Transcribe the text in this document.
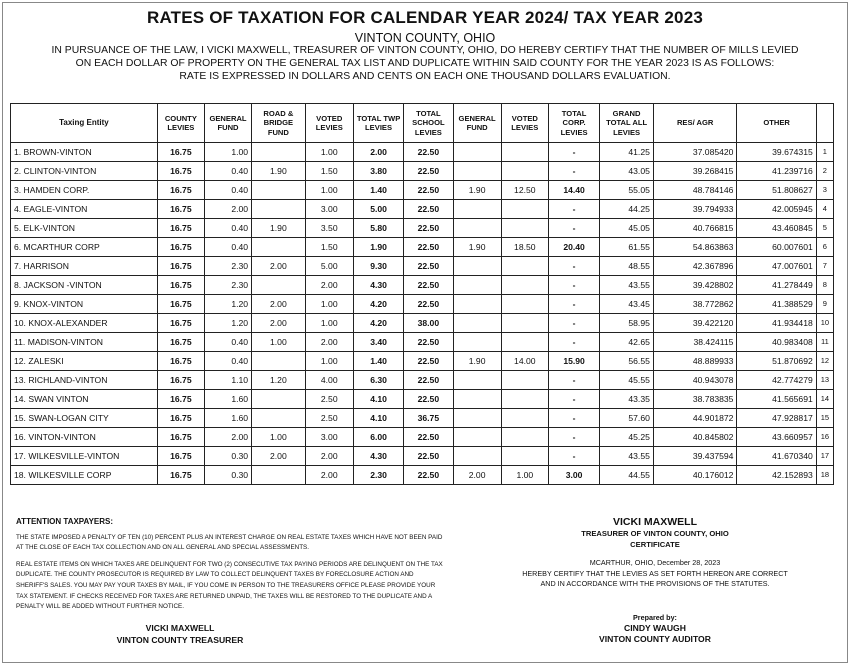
RATES OF TAXATION FOR CALENDAR YEAR 2024/ TAX YEAR 2023
VINTON COUNTY, OHIO
IN PURSUANCE OF THE LAW, I VICKI MAXWELL, TREASURER OF VINTON COUNTY, OHIO, DO HEREBY CERTIFY THAT THE NUMBER OF MILLS LEVIED
ON EACH DOLLAR OF PROPERTY ON THE GENERAL TAX LIST AND DUPLICATE WITHIN SAID COUNTY FOR THE YEAR 2023 IS AS FOLLOWS:
RATE IS EXPRESSED IN DOLLARS AND CENTS ON EACH ONE THOUSAND DOLLARS EVALUATION.
Taxing Entity	COUNTY LEVIES	GENERAL FUND	ROAD & BRIDGE FUND	VOTED LEVIES	TOTAL TWP LEVIES	TOTAL SCHOOL LEVIES	GENERAL FUND	VOTED LEVIES	TOTAL CORP. LEVIES	GRAND TOTAL ALL LEVIES	RES/ AGR	OTHER	
1. BROWN-VINTON	16.75	1.00		1.00	2.00	22.50			-	41.25	37.085420	39.674315	1
2. CLINTON-VINTON	16.75	0.40	1.90	1.50	3.80	22.50			-	43.05	39.268415	41.239716	2
3. HAMDEN CORP.	16.75	0.40		1.00	1.40	22.50	1.90	12.50	14.40	55.05	48.784146	51.808627	3
4. EAGLE-VINTON	16.75	2.00		3.00	5.00	22.50			-	44.25	39.794933	42.005945	4
5. ELK-VINTON	16.75	0.40	1.90	3.50	5.80	22.50			-	45.05	40.766815	43.460845	5
6. MCARTHUR CORP	16.75	0.40		1.50	1.90	22.50	1.90	18.50	20.40	61.55	54.863863	60.007601	6
7. HARRISON	16.75	2.30	2.00	5.00	9.30	22.50			-	48.55	42.367896	47.007601	7
8. JACKSON -VINTON	16.75	2.30		2.00	4.30	22.50			-	43.55	39.428802	41.278449	8
9. KNOX-VINTON	16.75	1.20	2.00	1.00	4.20	22.50			-	43.45	38.772862	41.388529	9
10. KNOX-ALEXANDER	16.75	1.20	2.00	1.00	4.20	38.00			-	58.95	39.422120	41.934418	10
11. MADISON-VINTON	16.75	0.40	1.00	2.00	3.40	22.50			-	42.65	38.424115	40.983408	11
12. ZALESKI	16.75	0.40		1.00	1.40	22.50	1.90	14.00	15.90	56.55	48.889933	51.870692	12
13. RICHLAND-VINTON	16.75	1.10	1.20	4.00	6.30	22.50			-	45.55	40.943078	42.774279	13
14. SWAN VINTON	16.75	1.60		2.50	4.10	22.50			-	43.35	38.783835	41.565691	14
15. SWAN-LOGAN CITY	16.75	1.60		2.50	4.10	36.75			-	57.60	44.901872	47.928817	15
16. VINTON-VINTON	16.75	2.00	1.00	3.00	6.00	22.50			-	45.25	40.845802	43.660957	16
17. WILKESVILLE-VINTON	16.75	0.30	2.00	2.00	4.30	22.50			-	43.55	39.437594	41.670340	17
18. WILKESVILLE CORP	16.75	0.30		2.00	2.30	22.50	2.00	1.00	3.00	44.55	40.176012	42.152893	18
ATTENTION TAXPAYERS:
THE STATE IMPOSED A PENALTY OF TEN (10) PERCENT PLUS AN INTEREST CHARGE ON REAL ESTATE TAXES WHICH HAVE NOT BEEN PAID AT THE CLOSE OF EACH TAX COLLECTION AND ON ALL GENERAL AND SPECIAL ASSESSMENTS.
REAL ESTATE ITEMS ON WHICH TAXES ARE DELINQUENT FOR TWO (2) CONSECUTIVE TAX PAYING PERIODS ARE DELINQUENT ON THE TAX DUPLICATE. THE COUNTY PROSECUTOR IS REQUIRED BY LAW TO COLLECT DELINQUENT TAXES BY FORECLOSURE ACTION AND SHERIFF'S SALES. YOU MAY PAY YOUR TAXES BY MAIL, IF YOU COME IN PERSON TO THE TREASURERS OFFICE PLEASE PROVIDE YOUR TAX STATEMENT. IF CHECKS RECEIVED FOR TAXES ARE RETURNED UNPAID, THE TAXES WILL BE RESTORED TO THE DUPLICATE AND A PENALTY WILL BE ADDED WITHOUT FURTHER NOTICE.
VICKI MAXWELL
VINTON COUNTY TREASURER
VICKI MAXWELL
TREASURER OF VINTON COUNTY, OHIO
CERTIFICATE
MCARTHUR, OHIO, December 28, 2023
HEREBY CERTIFY THAT THE LEVIES AS SET FORTH HEREON ARE CORRECT
AND IN ACCORDANCE WITH THE PROVISIONS OF THE STATUTES.
Prepared by:
CINDY WAUGH
VINTON COUNTY AUDITOR
